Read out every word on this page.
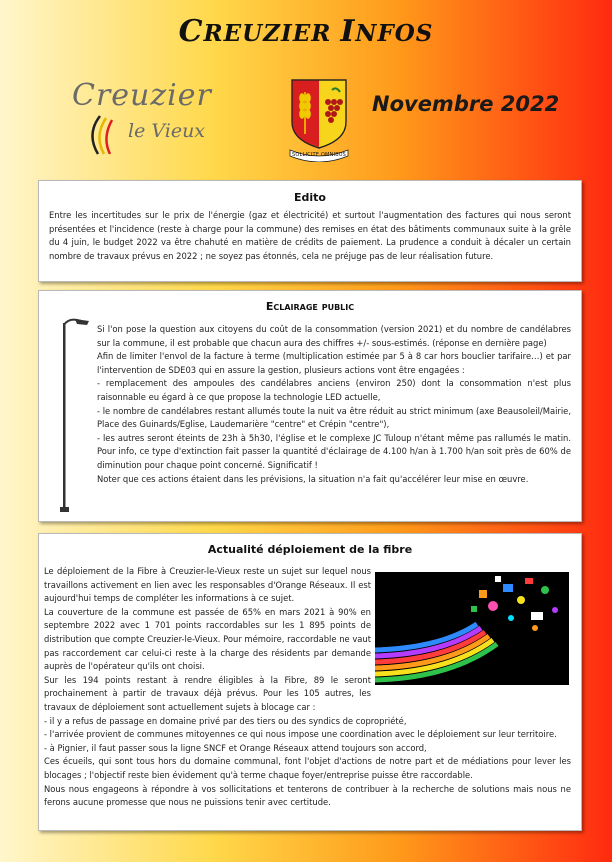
CREUZIER INFOS
Creuzier
le Vieux
SOLLICITE OMNIBUS
Novembre 2022
Edito

Entre les incertitudes sur le prix de l'énergie (gaz et électricité) et surtout l'augmentation des factures qui nous seront présentées et l'incidence (reste à charge pour la commune) des remises en état des bâtiments communaux suite à la grêle du 4 juin, le budget 2022 va être chahuté en matière de crédits de paiement. La prudence a conduit à décaler un certain nombre de travaux prévus en 2022 ; ne soyez pas étonnés, cela ne préjuge pas de leur réalisation future.

Eclairage public

Si l'on pose la question aux citoyens du coût de la consommation (version 2021) et du nombre de candélabres sur la commune, il est probable que chacun aura des chiffres +/- sous-estimés. (réponse en dernière page)

Afin de limiter l'envol de la facture à terme (multiplication estimée par 5 à 8 car hors bouclier tarifaire…) et par l'intervention de SDE03 qui en assure la gestion, plusieurs actions vont être engagées :

- remplacement des ampoules des candélabres anciens (environ 250) dont la consommation n'est plus raisonnable eu égard à ce que propose la technologie LED actuelle,

- le nombre de candélabres restant allumés toute la nuit va être réduit au strict minimum (axe Beausoleil/Mairie, Place des Guinards/Eglise, Laudemarière "centre" et Crépin "centre"),

- les autres seront éteints de 23h à 5h30, l'église et le complexe JC Tuloup n'étant même pas rallumés le matin. Pour info, ce type d'extinction fait passer la quantité d'éclairage de 4.100 h/an à 1.700 h/an soit près de 60% de diminution pour chaque point concerné. Significatif !

Noter que ces actions étaient dans les prévisions, la situation n'a fait qu'accélérer leur mise en œuvre.

Actualité déploiement de la fibre

Le déploiement de la Fibre à Creuzier-le-Vieux reste un sujet sur lequel nous travaillons activement en lien avec les responsables d'Orange Réseaux. Il est aujourd'hui temps de compléter les informations à ce sujet.

La couverture de la commune est passée de 65% en mars 2021 à 90% en septembre 2022 avec 1 701 points raccordables sur les 1 895 points de distribution que compte Creuzier-le-Vieux. Pour mémoire, raccordable ne vaut pas raccordement car celui-ci reste à la charge des résidents par demande auprès de l'opérateur qu'ils ont choisi.

Sur les 194 points restant à rendre éligibles à la Fibre, 89 le seront prochainement à partir de travaux déjà prévus. Pour les 105 autres, les travaux de déploiement sont actuellement sujets à blocage car :

- il y a refus de passage en domaine privé par des tiers ou des syndics de copropriété,

- l'arrivée provient de communes mitoyennes ce qui nous impose une coordination avec le déploiement sur leur territoire.

- à Pignier, il faut passer sous la ligne SNCF et Orange Réseaux attend toujours son accord,

Ces écueils, qui sont tous hors du domaine communal, font l'objet d'actions de notre part et de médiations pour lever les blocages ; l'objectif reste bien évidement qu'à terme chaque foyer/entreprise puisse être raccordable.

Nous nous engageons à répondre à vos sollicitations et tenterons de contribuer à la recherche de solutions mais nous ne ferons aucune promesse que nous ne puissions tenir avec certitude.
